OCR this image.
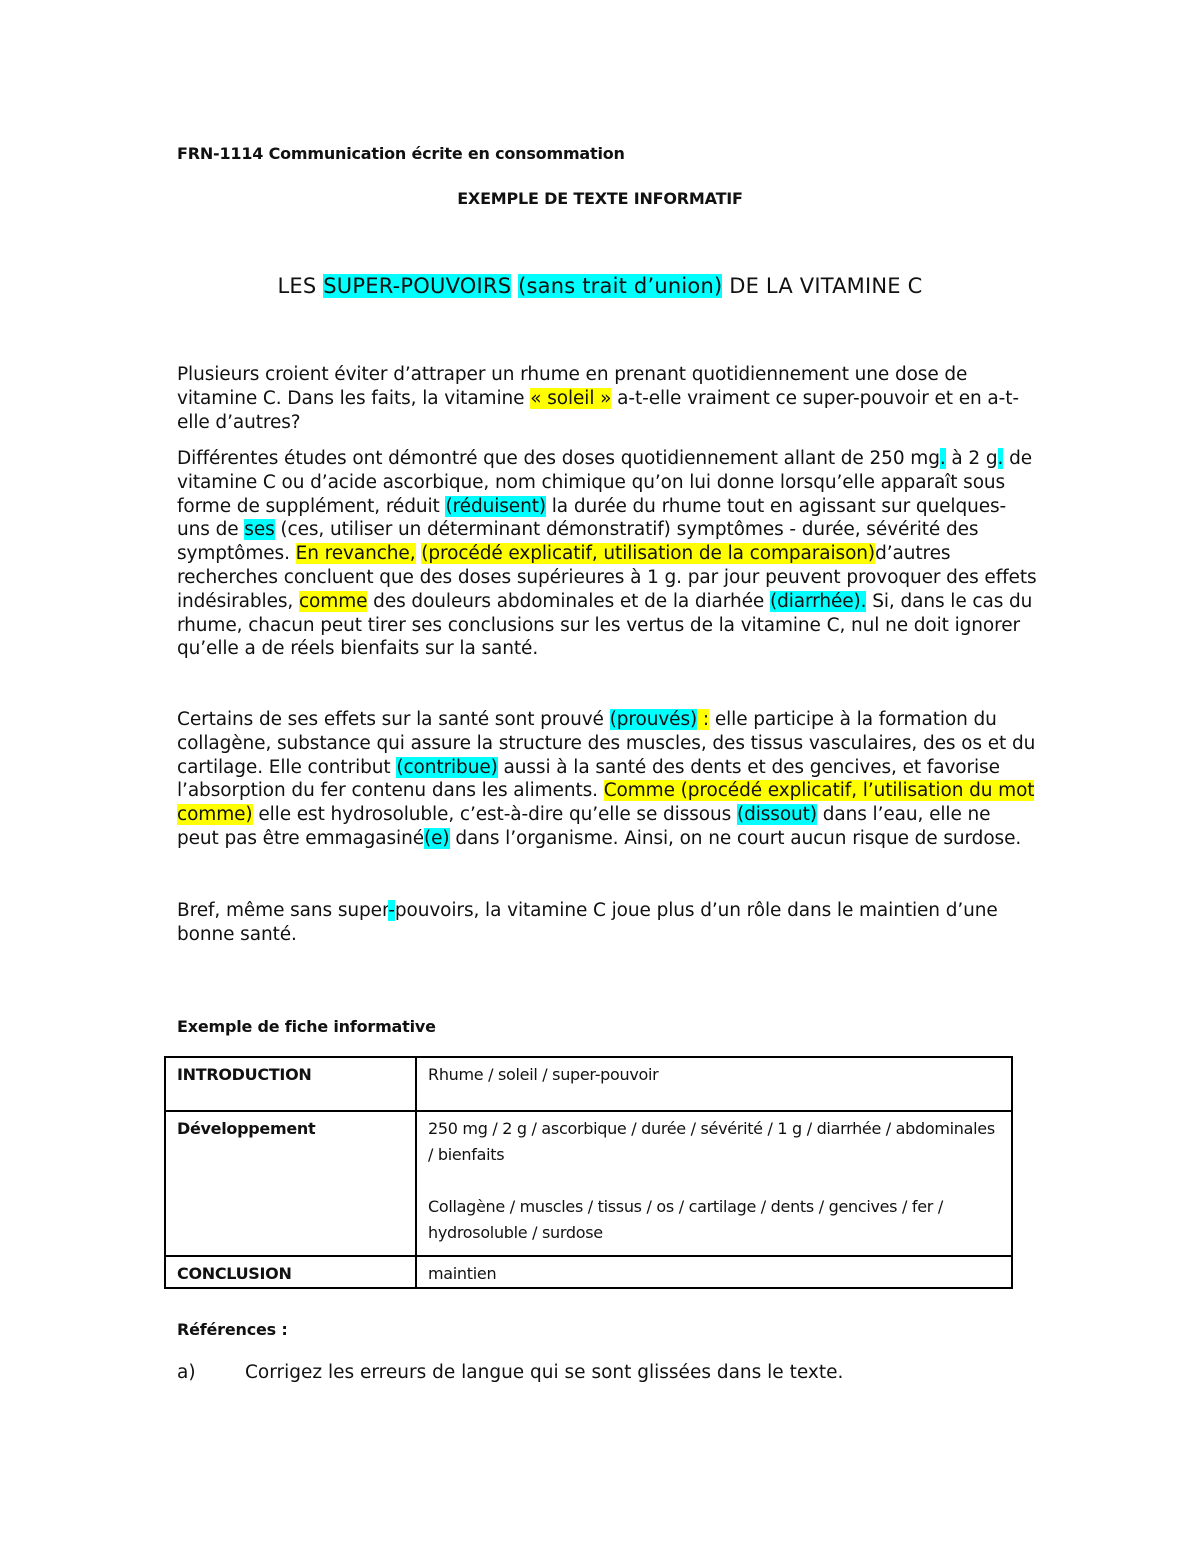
FRN-1114 Communication écrite en consommation
EXEMPLE DE TEXTE INFORMATIF
LES SUPER-POUVOIRS (sans trait d’union) DE LA VITAMINE C

Plusieurs croient éviter d’attraper un rhume en prenant quotidiennement une dose de vitamine C. Dans les faits, la vitamine « soleil » a-t-elle vraiment ce super-pouvoir et en a-t-elle d’autres?

Différentes études ont démontré que des doses quotidiennement allant de 250 mg. à 2 g. de vitamine C ou d’acide ascorbique, nom chimique qu’on lui donne lorsqu’elle apparaît sous forme de supplément, réduit (réduisent) la durée du rhume tout en agissant sur quelques-uns de ses (ces, utiliser un déterminant démonstratif) symptômes - durée, sévérité des symptômes. En revanche, (procédé explicatif, utilisation de la comparaison)d’autres recherches concluent que des doses supérieures à 1 g. par jour peuvent provoquer des effets indésirables, comme des douleurs abdominales et de la diarhée (diarrhée). Si, dans le cas du rhume, chacun peut tirer ses conclusions sur les vertus de la vitamine C, nul ne doit ignorer qu’elle a de réels bienfaits sur la santé.

Certains de ses effets sur la santé sont prouvé (prouvés) : elle participe à la formation du collagène, substance qui assure la structure des muscles, des tissus vasculaires, des os et du cartilage. Elle contribut (contribue) aussi à la santé des dents et des gencives, et favorise l’absorption du fer contenu dans les aliments. Comme (procédé explicatif, l’utilisation du mot comme) elle est hydrosoluble, c’est-à-dire qu’elle se dissous (dissout) dans l’eau, elle ne peut pas être emmagasiné(e) dans l’organisme. Ainsi, on ne court aucun risque de surdose.

Bref, même sans super-pouvoirs, la vitamine C joue plus d’un rôle dans le maintien d’une bonne santé.

Exemple de fiche informative
INTRODUCTION	Rhume / soleil / super-pouvoir
Développement	250 mg / 2 g / ascorbique / durée / sévérité / 1 g / diarrhée / abdominales / bienfaits
Collagène / muscles / tissus / os / cartilage / dents / gencives / fer / hydrosoluble / surdose

CONCLUSION	maintien
Références :
a)	Corrigez les erreurs de langue qui se sont glissées dans le texte.
